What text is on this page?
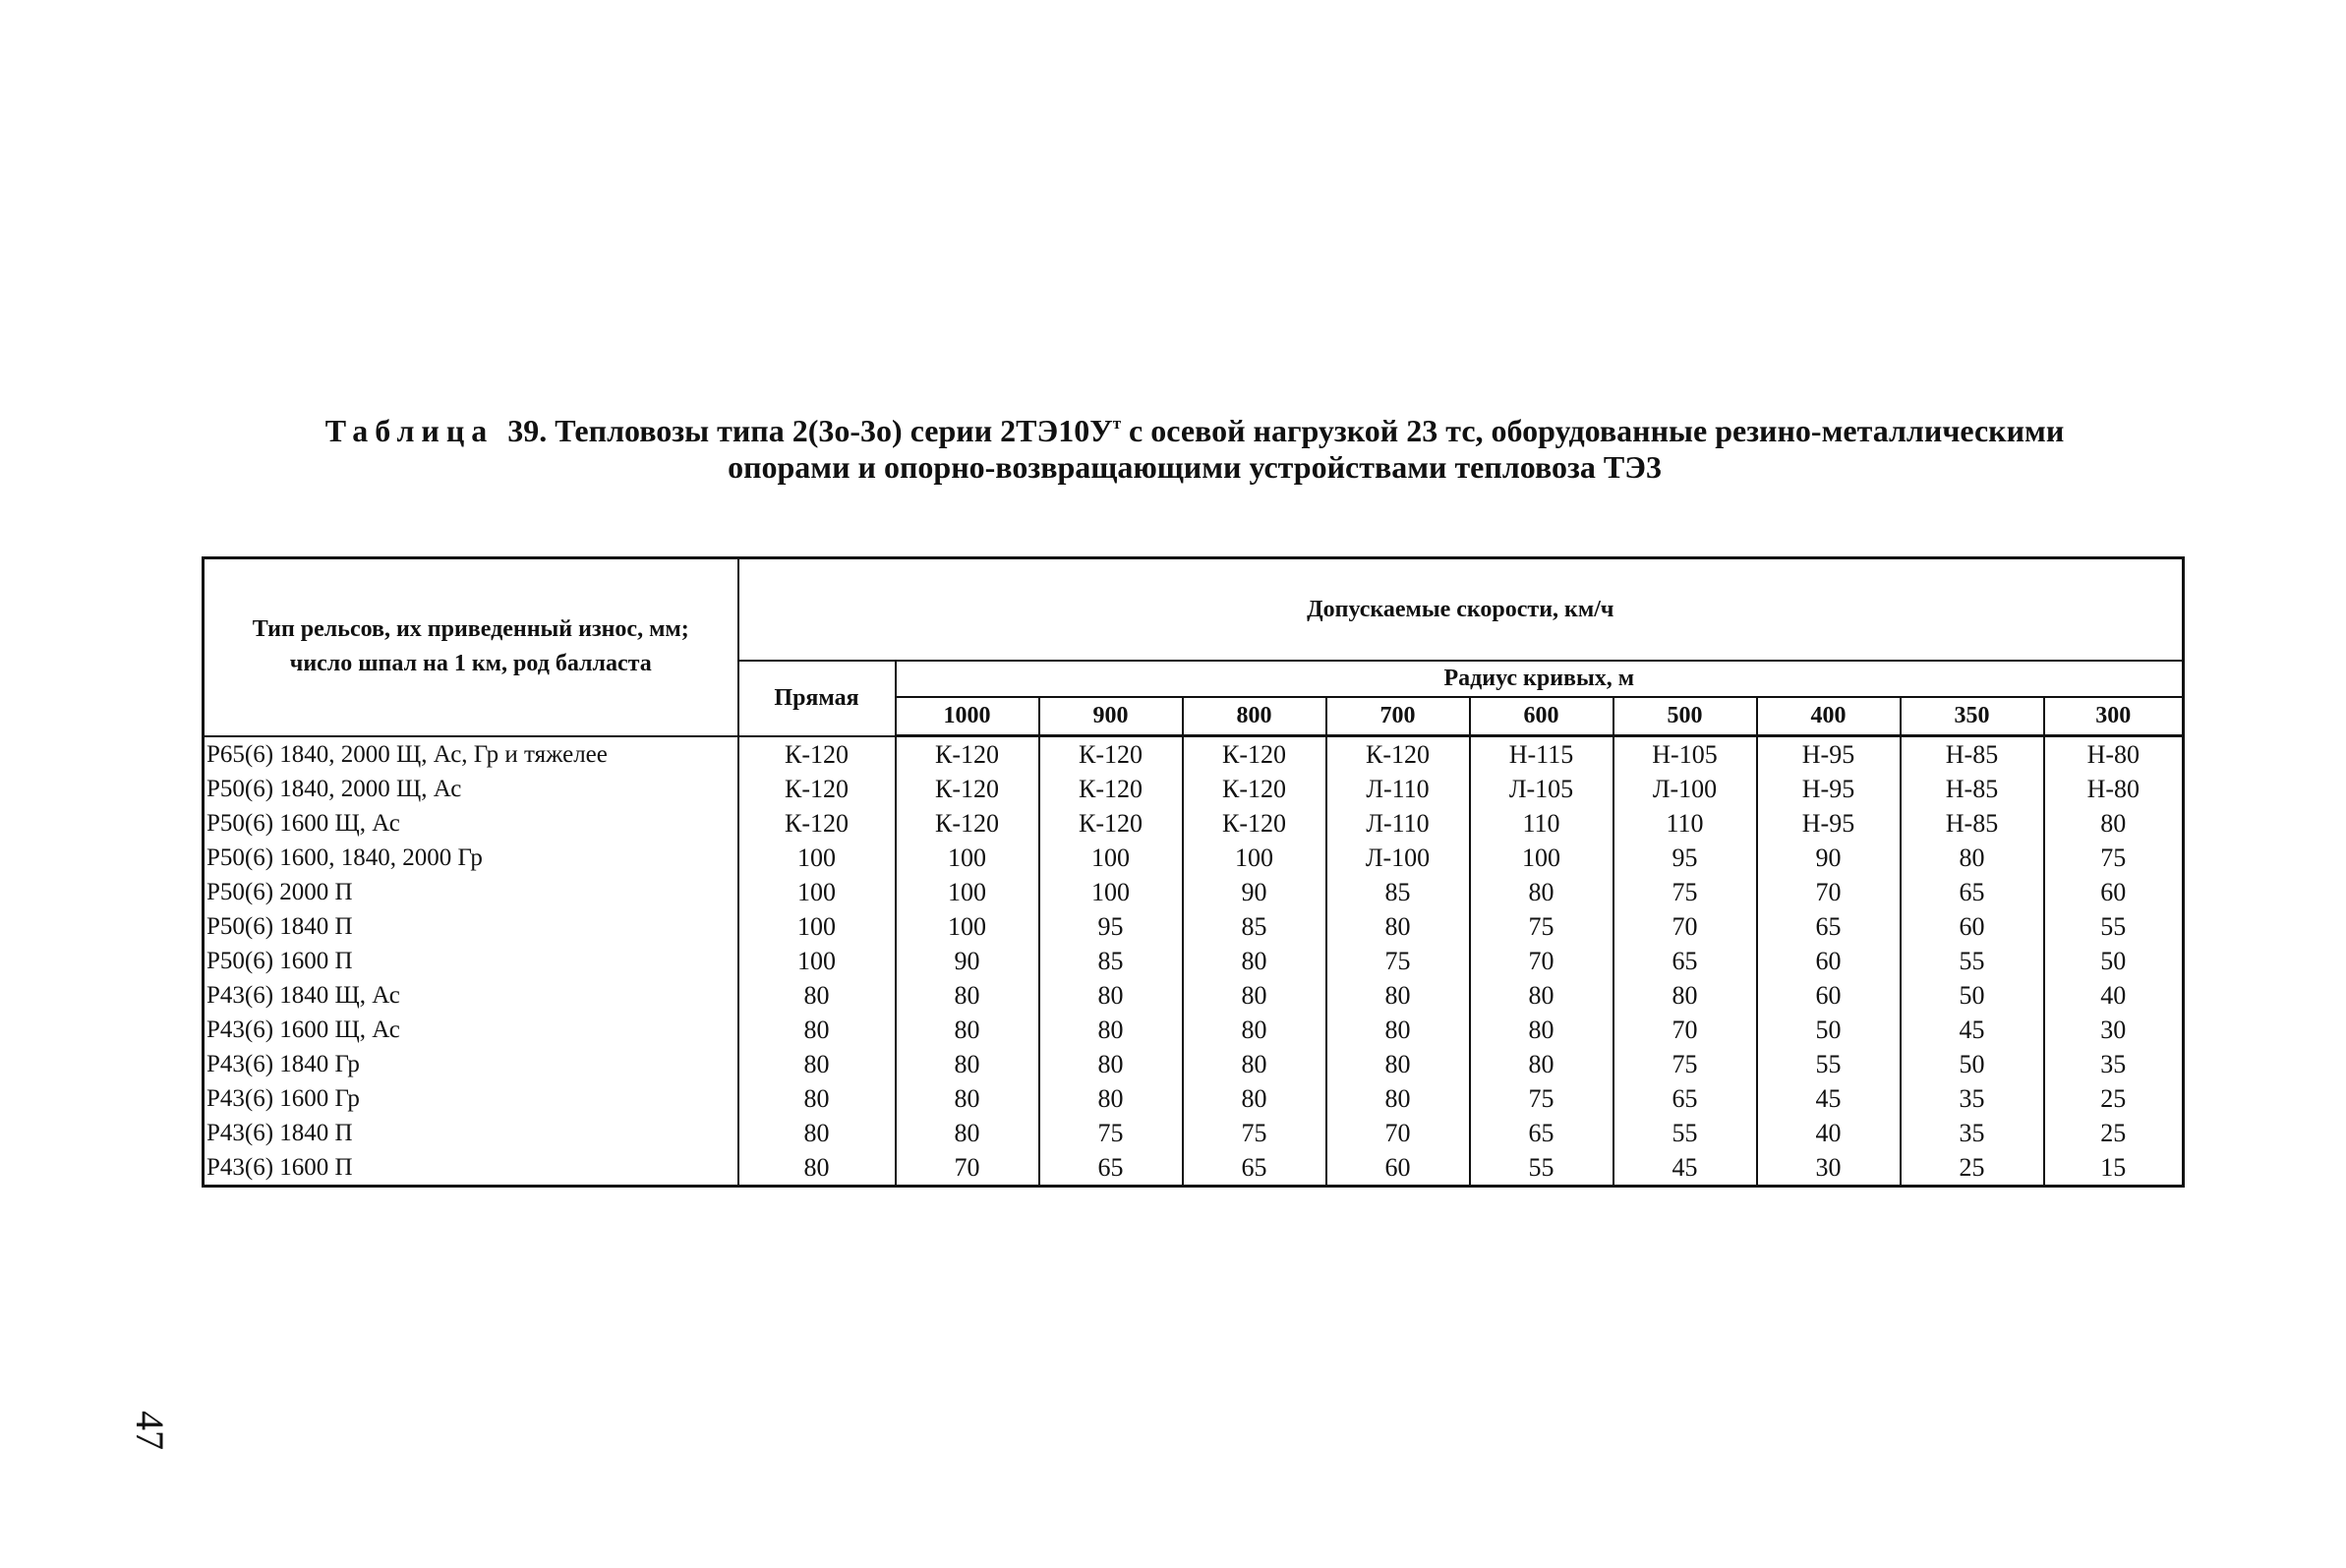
Таблица 39. Тепловозы типа 2(3о-3о) серии $2ТЭ10У^т$ с осевой нагрузкой 23 тс, оборудованные резино-металлическими
опорами и опорно-возвращающими устройствами тепловоза ТЭ3
Тип рельсов, их приведенный износ, мм; число шпал на 1 км, род балласта	Допускаемые скорости, км/ч									
	Прямая	Радиус кривых, м								
		1000	900	800	700	600	500	400	350	300
Р65(6) 1840, 2000 Щ, Ас, Гр и тяжелее	К-120	К-120	К-120	К-120	К-120	Н-115	Н-105	Н-95	Н-85	Н-80
Р50(6) 1840, 2000 Щ, Ас	К-120	К-120	К-120	К-120	Л-110	Л-105	Л-100	Н-95	Н-85	Н-80
Р50(6) 1600 Щ, Ас	К-120	К-120	К-120	К-120	Л-110	110	110	Н-95	Н-85	80
Р50(6) 1600, 1840, 2000 Гр	100	100	100	100	Л-100	100	95	90	80	75
Р50(6) 2000 П	100	100	100	90	85	80	75	70	65	60
Р50(6) 1840 П	100	100	95	85	80	75	70	65	60	55
Р50(6) 1600 П	100	90	85	80	75	70	65	60	55	50
Р43(6) 1840 Щ, Ас	80	80	80	80	80	80	80	60	50	40
Р43(6) 1600 Щ, Ас	80	80	80	80	80	80	70	50	45	30
Р43(6) 1840 Гр	80	80	80	80	80	80	75	55	50	35
Р43(6) 1600 Гр	80	80	80	80	80	75	65	45	35	25
Р43(6) 1840 П	80	80	75	75	70	65	55	40	35	25
Р43(6) 1600 П	80	70	65	65	60	55	45	30	25	15
47
